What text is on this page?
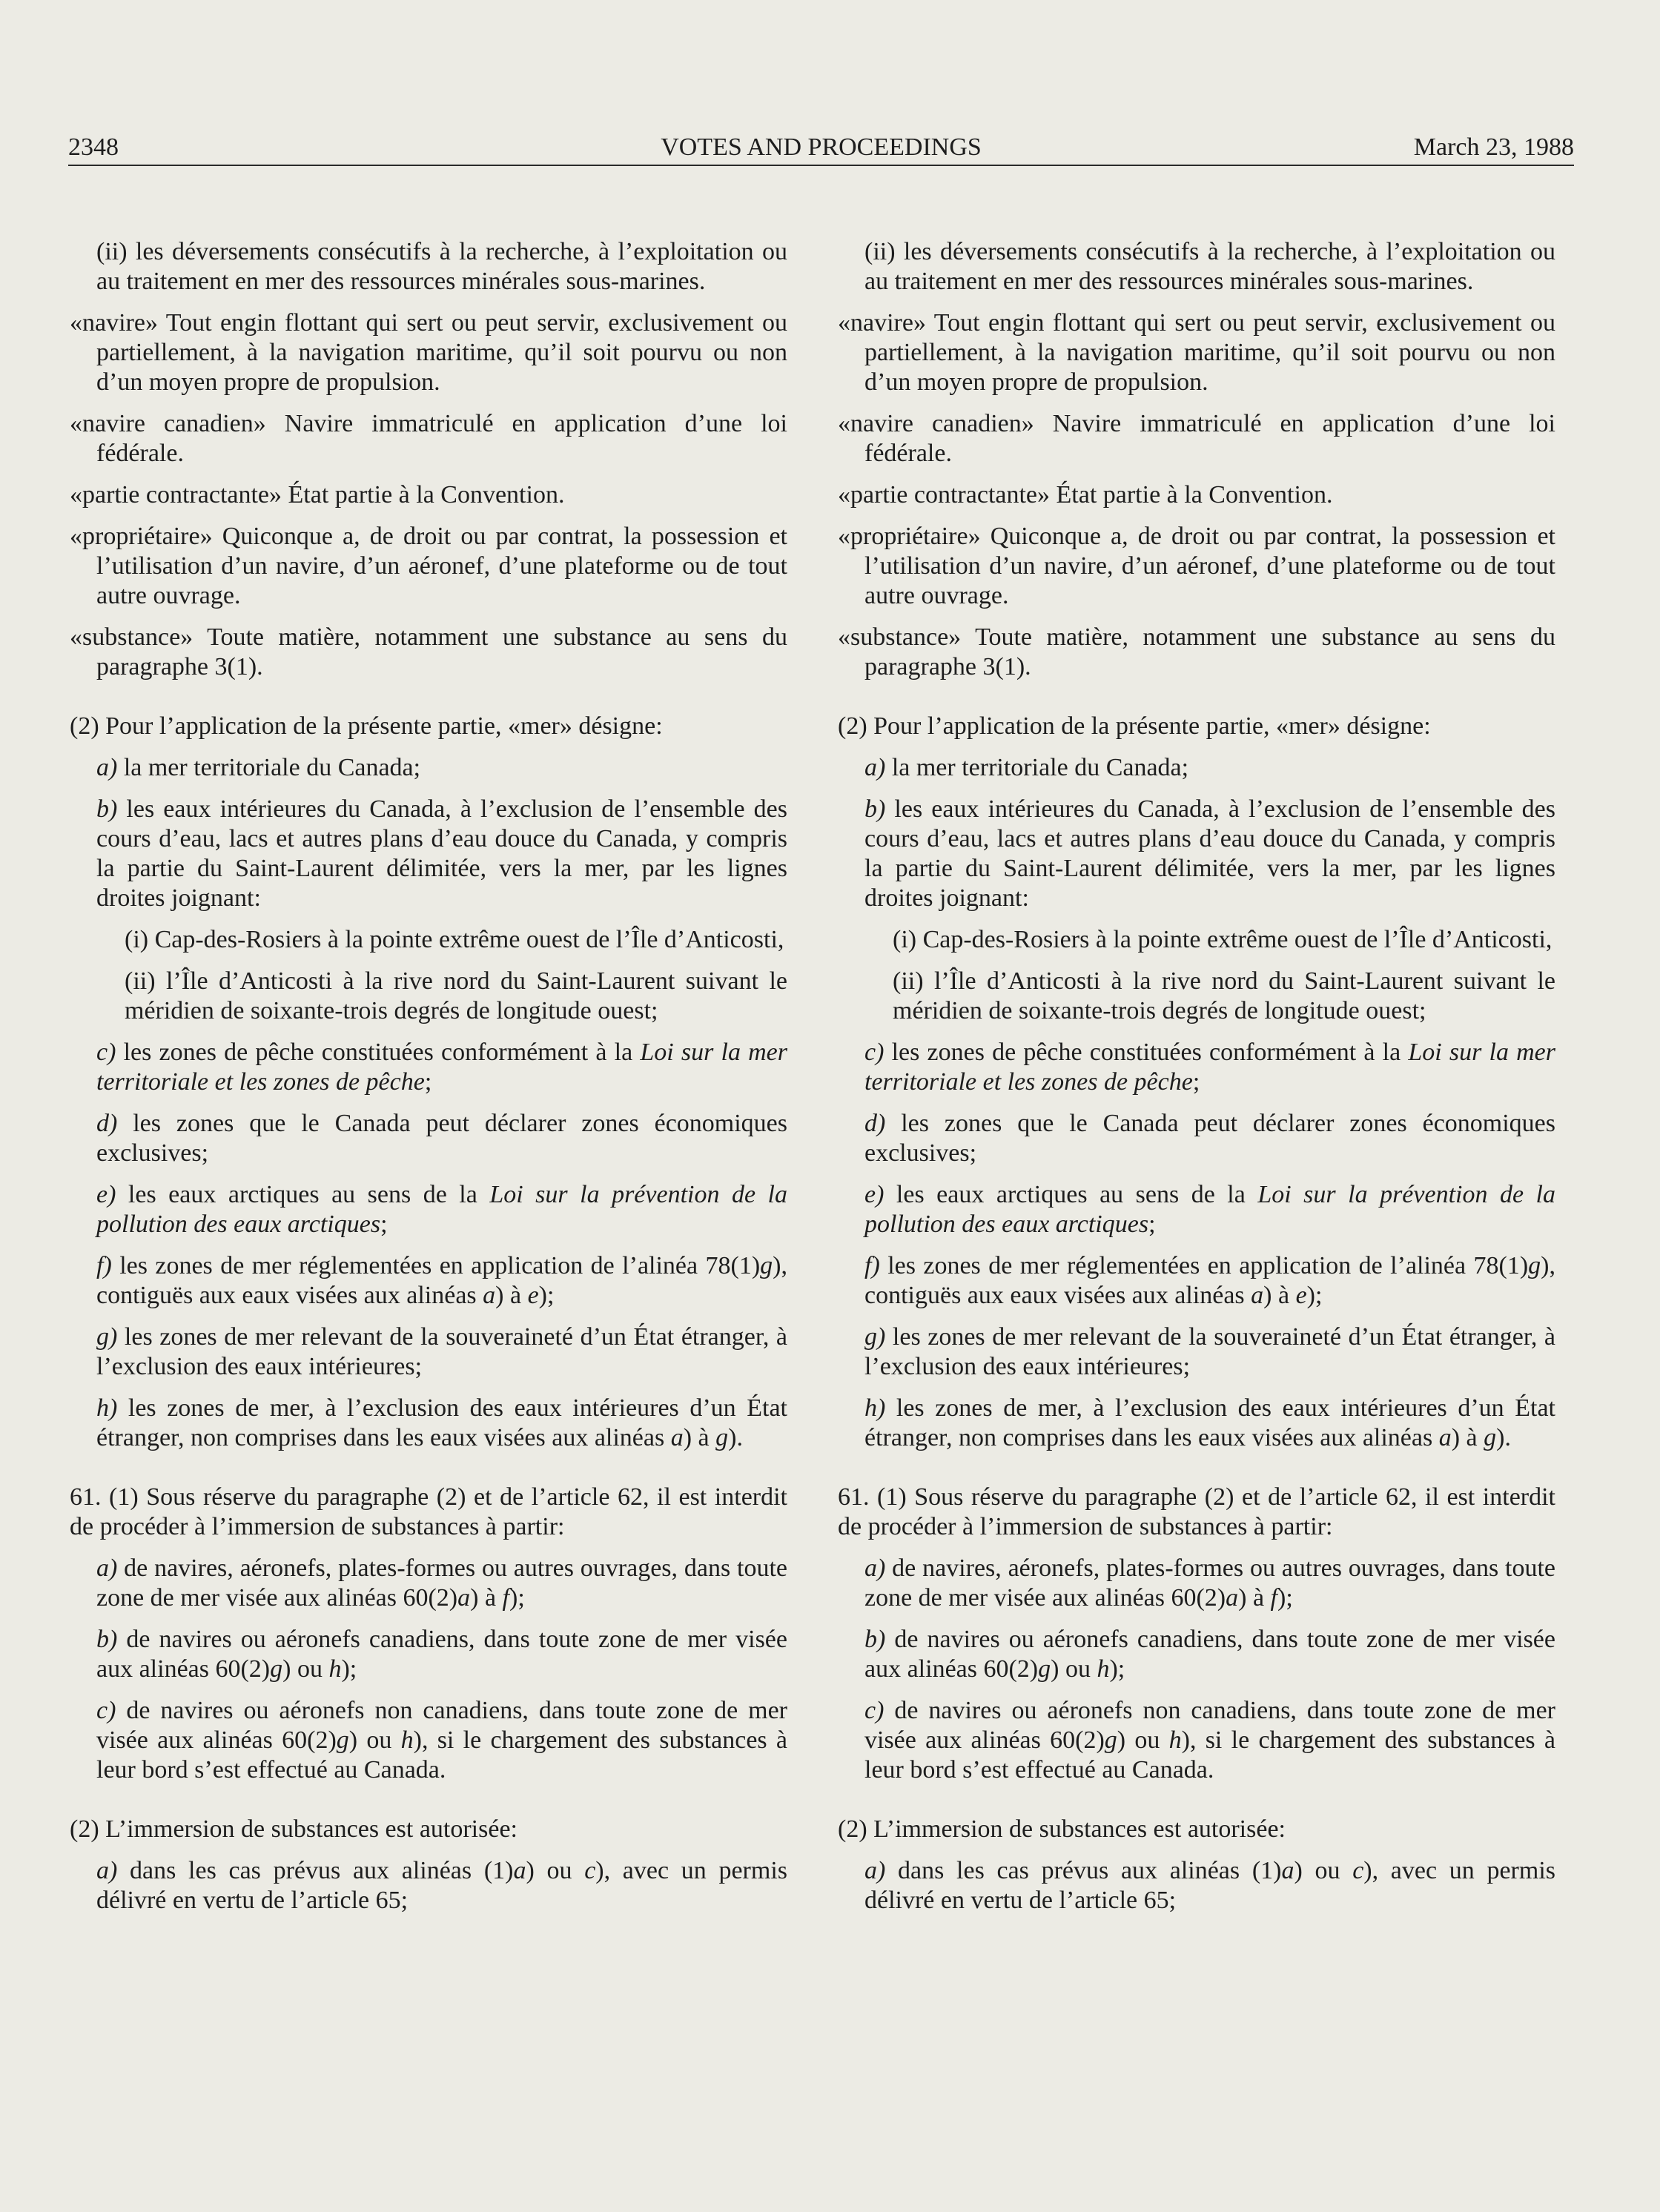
2348	VOTES AND PROCEEDINGS	March 23, 1988

(ii) les déversements consécutifs à la recherche, à l’exploitation ou au traitement en mer des ressources minérales sous-marines.

«navire» Tout engin flottant qui sert ou peut servir, exclusivement ou partiellement, à la navigation maritime, qu’il soit pourvu ou non d’un moyen propre de propulsion.

«navire canadien» Navire immatriculé en application d’une loi fédérale.

«partie contractante» État partie à la Convention.

«propriétaire» Quiconque a, de droit ou par contrat, la possession et l’utilisation d’un navire, d’un aéronef, d’une plateforme ou de tout autre ouvrage.

«substance» Toute matière, notamment une substance au sens du paragraphe 3(1).

(2) Pour l’application de la présente partie, «mer» désigne:

a) la mer territoriale du Canada;

b) les eaux intérieures du Canada, à l’exclusion de l’ensemble des cours d’eau, lacs et autres plans d’eau douce du Canada, y compris la partie du Saint-Laurent délimitée, vers la mer, par les lignes droites joignant:

(i) Cap-des-Rosiers à la pointe extrême ouest de l’Île d’Anticosti,

(ii) l’Île d’Anticosti à la rive nord du Saint-Laurent suivant le méridien de soixante-trois degrés de longitude ouest;

c) les zones de pêche constituées conformément à la Loi sur la mer territoriale et les zones de pêche;

d) les zones que le Canada peut déclarer zones économiques exclusives;

e) les eaux arctiques au sens de la Loi sur la prévention de la pollution des eaux arctiques;

f) les zones de mer réglementées en application de l’alinéa 78(1)g), contiguës aux eaux visées aux alinéas a) à e);

g) les zones de mer relevant de la souveraineté d’un État étranger, à l’exclusion des eaux intérieures;

h) les zones de mer, à l’exclusion des eaux intérieures d’un État étranger, non comprises dans les eaux visées aux alinéas a) à g).

61. (1) Sous réserve du paragraphe (2) et de l’article 62, il est interdit de procéder à l’immersion de substances à partir:

a) de navires, aéronefs, plates-formes ou autres ouvrages, dans toute zone de mer visée aux alinéas 60(2)a) à f);

b) de navires ou aéronefs canadiens, dans toute zone de mer visée aux alinéas 60(2)g) ou h);

c) de navires ou aéronefs non canadiens, dans toute zone de mer visée aux alinéas 60(2)g) ou h), si le chargement des substances à leur bord s’est effectué au Canada.

(2) L’immersion de substances est autorisée:

a) dans les cas prévus aux alinéas (1)a) ou c), avec un permis délivré en vertu de l’article 65;

(ii) les déversements consécutifs à la recherche, à l’exploitation ou au traitement en mer des ressources minérales sous-marines.

«navire» Tout engin flottant qui sert ou peut servir, exclusivement ou partiellement, à la navigation maritime, qu’il soit pourvu ou non d’un moyen propre de propulsion.

«navire canadien» Navire immatriculé en application d’une loi fédérale.

«partie contractante» État partie à la Convention.

«propriétaire» Quiconque a, de droit ou par contrat, la possession et l’utilisation d’un navire, d’un aéronef, d’une plateforme ou de tout autre ouvrage.

«substance» Toute matière, notamment une substance au sens du paragraphe 3(1).

(2) Pour l’application de la présente partie, «mer» désigne:

a) la mer territoriale du Canada;

b) les eaux intérieures du Canada, à l’exclusion de l’ensemble des cours d’eau, lacs et autres plans d’eau douce du Canada, y compris la partie du Saint-Laurent délimitée, vers la mer, par les lignes droites joignant:

(i) Cap-des-Rosiers à la pointe extrême ouest de l’Île d’Anticosti,

(ii) l’Île d’Anticosti à la rive nord du Saint-Laurent suivant le méridien de soixante-trois degrés de longitude ouest;

c) les zones de pêche constituées conformément à la Loi sur la mer territoriale et les zones de pêche;

d) les zones que le Canada peut déclarer zones économiques exclusives;

e) les eaux arctiques au sens de la Loi sur la prévention de la pollution des eaux arctiques;

f) les zones de mer réglementées en application de l’alinéa 78(1)g), contiguës aux eaux visées aux alinéas a) à e);

g) les zones de mer relevant de la souveraineté d’un État étranger, à l’exclusion des eaux intérieures;

h) les zones de mer, à l’exclusion des eaux intérieures d’un État étranger, non comprises dans les eaux visées aux alinéas a) à g).

61. (1) Sous réserve du paragraphe (2) et de l’article 62, il est interdit de procéder à l’immersion de substances à partir:

a) de navires, aéronefs, plates-formes ou autres ouvrages, dans toute zone de mer visée aux alinéas 60(2)a) à f);

b) de navires ou aéronefs canadiens, dans toute zone de mer visée aux alinéas 60(2)g) ou h);

c) de navires ou aéronefs non canadiens, dans toute zone de mer visée aux alinéas 60(2)g) ou h), si le chargement des substances à leur bord s’est effectué au Canada.

(2) L’immersion de substances est autorisée:

a) dans les cas prévus aux alinéas (1)a) ou c), avec un permis délivré en vertu de l’article 65;
